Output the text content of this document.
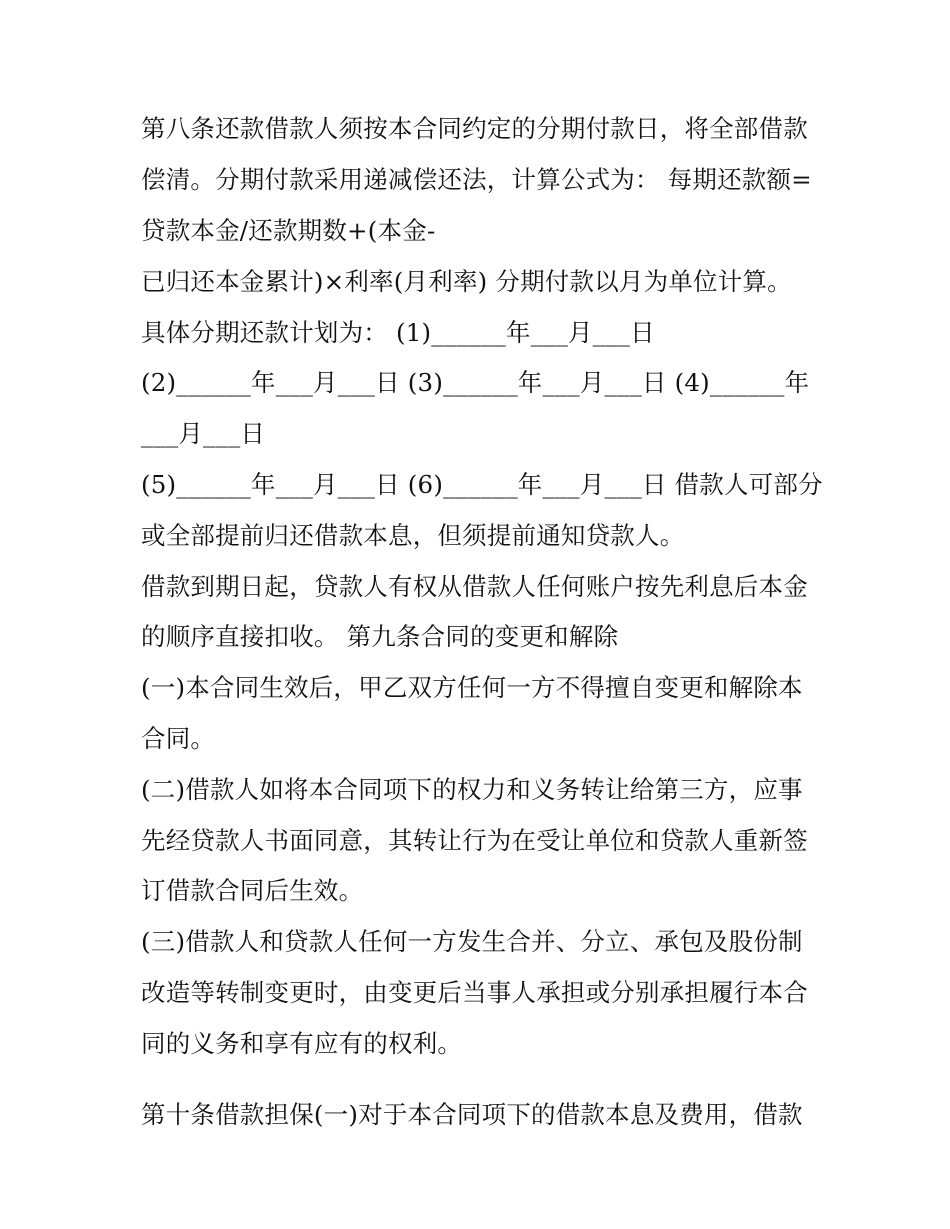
第八条还款借款人须按本合同约定的分期付款日，将全部借款
偿清。分期付款采用递减偿还法，计算公式为： 每期还款额=
贷款本金/还款期数+(本金-
已归还本金累计)×利率(月利率) 分期付款以月为单位计算。
具体分期还款计划为： (1)______年___月___日
(2)______年___月___日 (3)______年___月___日 (4)______年
___月___日
(5)______年___月___日 (6)______年___月___日 借款人可部分
或全部提前归还借款本息，但须提前通知贷款人。
借款到期日起，贷款人有权从借款人任何账户按先利息后本金
的顺序直接扣收。 第九条合同的变更和解除
(一)本合同生效后，甲乙双方任何一方不得擅自变更和解除本
合同。
(二)借款人如将本合同项下的权力和义务转让给第三方，应事
先经贷款人书面同意，其转让行为在受让单位和贷款人重新签
订借款合同后生效。
(三)借款人和贷款人任何一方发生合并、分立、承包及股份制
改造等转制变更时，由变更后当事人承担或分别承担履行本合
同的义务和享有应有的权利。
第十条借款担保(一)对于本合同项下的借款本息及费用，借款
